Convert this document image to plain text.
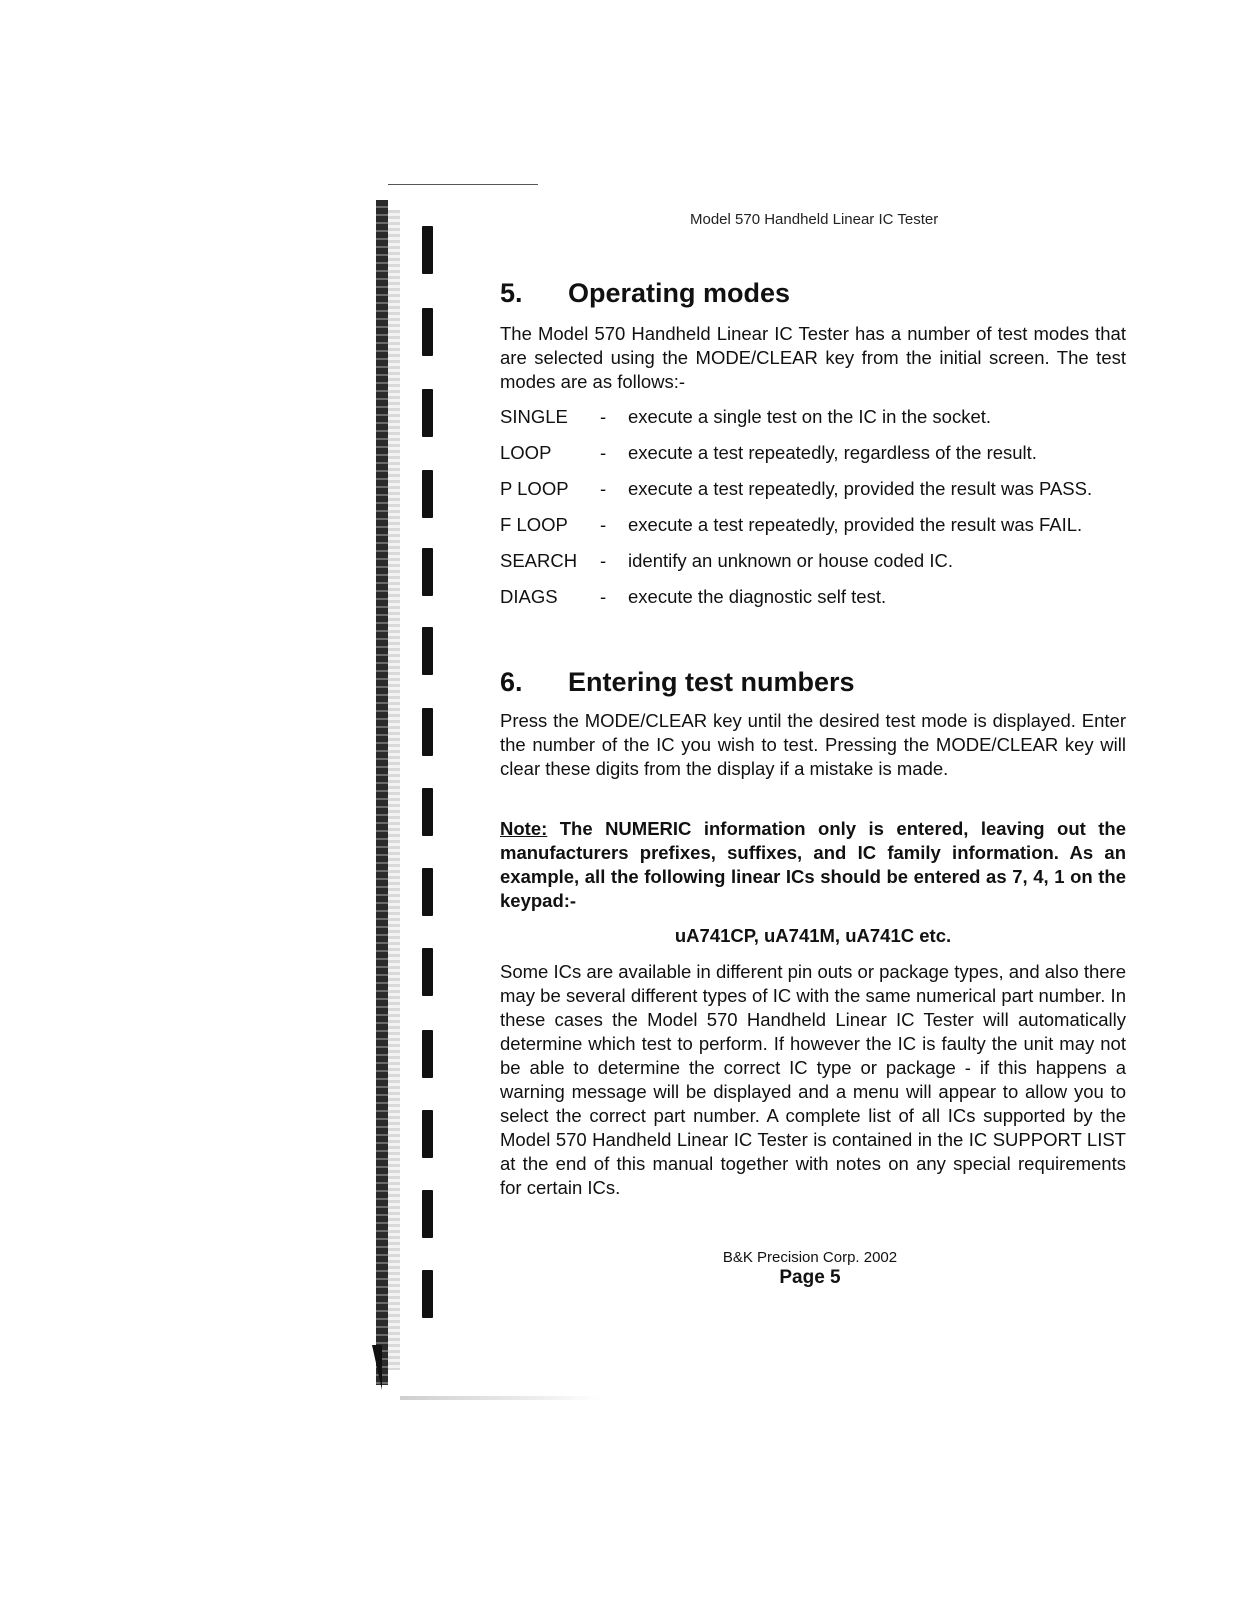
Model 570 Handheld Linear IC Tester
5. Operating modes

The Model 570 Handheld Linear IC Tester has a number of test modes that are selected using the MODE/CLEAR key from the initial screen. The test modes are as follows:-

SINGLE	-	execute a single test on the IC in the socket.
LOOP	-	execute a test repeatedly, regardless of the result.
P LOOP	-	execute a test repeatedly, provided the result was PASS.
F LOOP	-	execute a test repeatedly, provided the result was FAIL.
SEARCH	-	identify an unknown or house coded IC.
DIAGS	-	execute the diagnostic self test.
6. Entering test numbers

Press the MODE/CLEAR key until the desired test mode is displayed. Enter the number of the IC you wish to test. Pressing the MODE/CLEAR key will clear these digits from the display if a mistake is made.

Note: The NUMERIC information only is entered, leaving out the manufacturers prefixes, suffixes, and IC family information. As an example, all the following linear ICs should be entered as 7, 4, 1 on the keypad:-

uA741CP, uA741M, uA741C etc.

Some ICs are available in different pin outs or package types, and also there may be several different types of IC with the same numerical part number. In these cases the Model 570 Handheld Linear IC Tester will automatically determine which test to perform. If however the IC is faulty the unit may not be able to determine the correct IC type or package - if this happens a warning message will be displayed and a menu will appear to allow you to select the correct part number. A complete list of all ICs supported by the Model 570 Handheld Linear IC Tester is contained in the IC SUPPORT LIST at the end of this manual together with notes on any special requirements for certain ICs.

B&K Precision Corp. 2002
Page 5
